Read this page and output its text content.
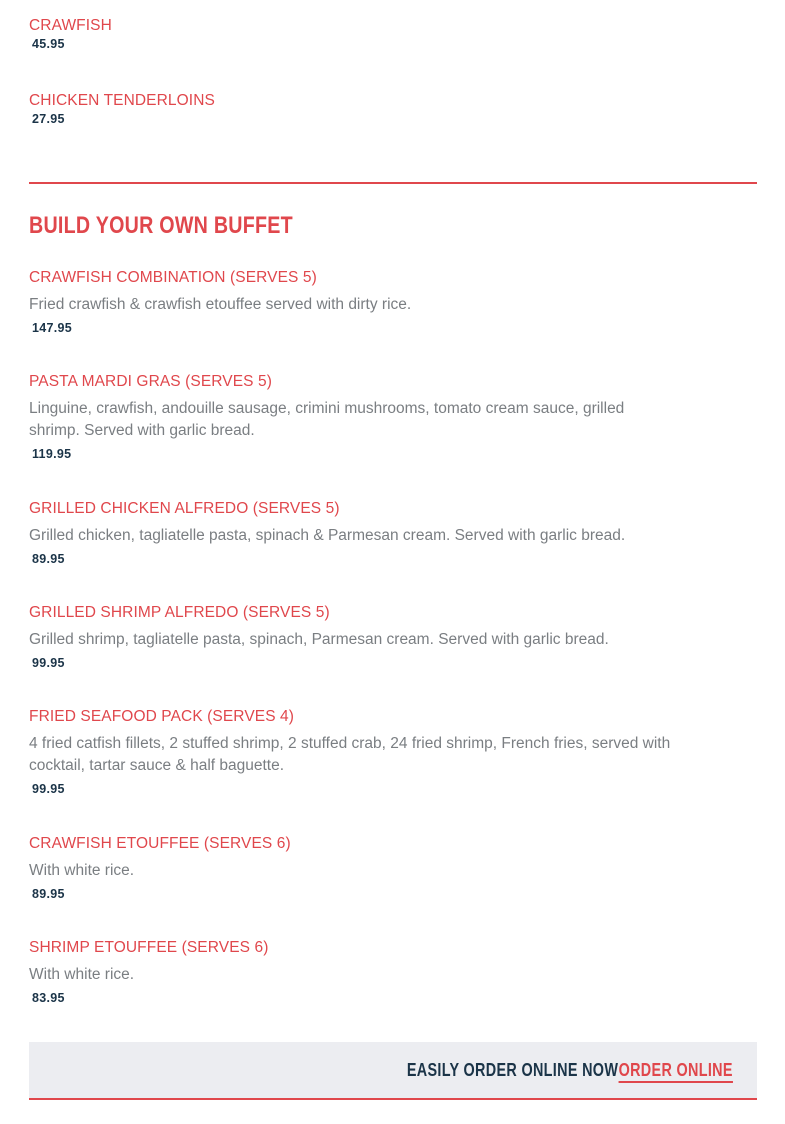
CRAWFISH
45.95
CHICKEN TENDERLOINS
27.95
BUILD YOUR OWN BUFFET
CRAWFISH COMBINATION (SERVES 5)
Fried crawfish & crawfish etouffee served with dirty rice.
147.95
PASTA MARDI GRAS (SERVES 5)
Linguine, crawfish, andouille sausage, crimini mushrooms, tomato cream sauce, grilled shrimp. Served with garlic bread.
119.95
GRILLED CHICKEN ALFREDO (SERVES 5)
Grilled chicken, tagliatelle pasta, spinach & Parmesan cream. Served with garlic bread.
89.95
GRILLED SHRIMP ALFREDO (SERVES 5)
Grilled shrimp, tagliatelle pasta, spinach, Parmesan cream. Served with garlic bread.
99.95
FRIED SEAFOOD PACK (SERVES 4)
4 fried catfish fillets, 2 stuffed shrimp, 2 stuffed crab, 24 fried shrimp, French fries, served with cocktail, tartar sauce & half baguette.
99.95
CRAWFISH ETOUFFEE (SERVES 6)
With white rice.
89.95
SHRIMP ETOUFFEE (SERVES 6)
With white rice.
83.95
EASILY ORDER ONLINE NOW ORDER ONLINE
